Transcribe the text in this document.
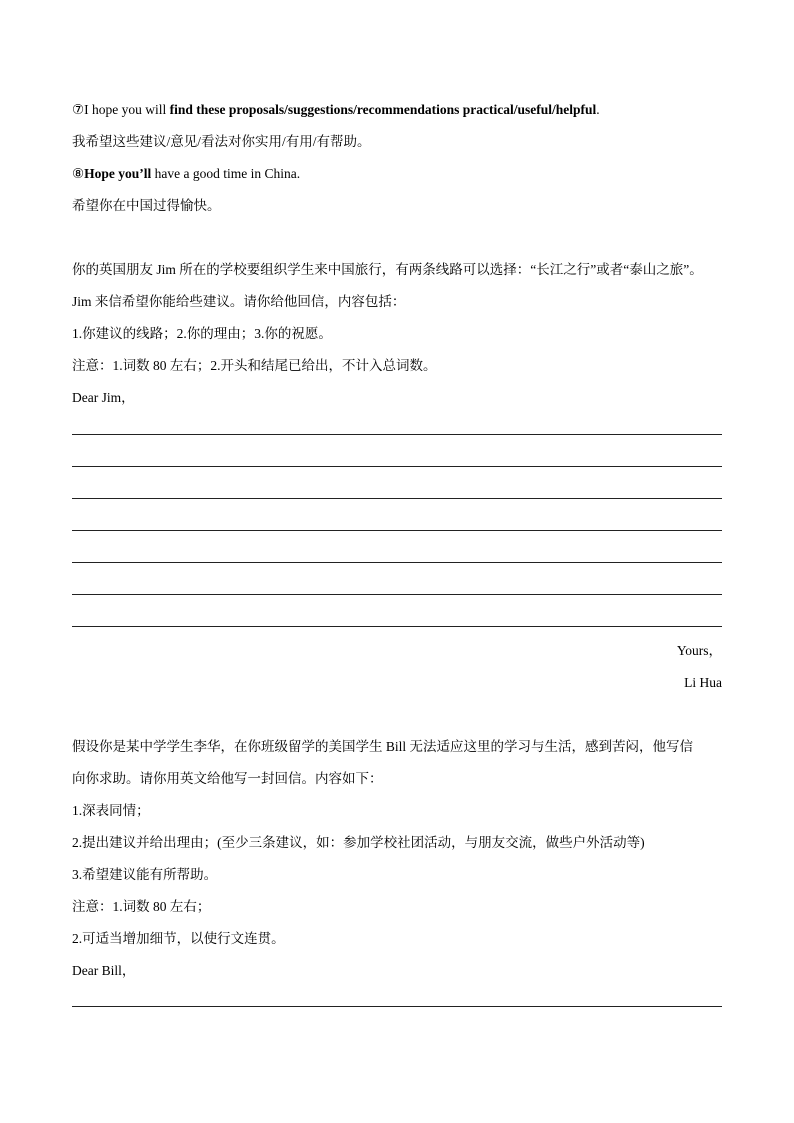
⑦I hope you will find these proposals/suggestions/recommendations practical/useful/helpful.
我希望这些建议/意见/看法对你实用/有用/有帮助。
⑧Hope you’ll have a good time in China.
希望你在中国过得愉快。
你的英国朋友 Jim 所在的学校要组织学生来中国旅行，有两条线路可以选择：“长江之行”或者“泰山之旅”。
Jim 来信希望你能给些建议。请你给他回信，内容包括：
1.你建议的线路；2.你的理由；3.你的祝愿。
注意：1.词数 80 左右；2.开头和结尾已给出，不计入总词数。
Dear Jim，
Yours，
Li Hua
假设你是某中学学生李华，在你班级留学的美国学生 Bill 无法适应这里的学习与生活，感到苦闷，他写信
向你求助。请你用英文给他写一封回信。内容如下：
1.深表同情；
2.提出建议并给出理由；(至少三条建议，如：参加学校社团活动，与朋友交流，做些户外活动等)
3.希望建议能有所帮助。
注意：1.词数 80 左右；
2.可适当增加细节，以使行文连贯。
Dear Bill，
